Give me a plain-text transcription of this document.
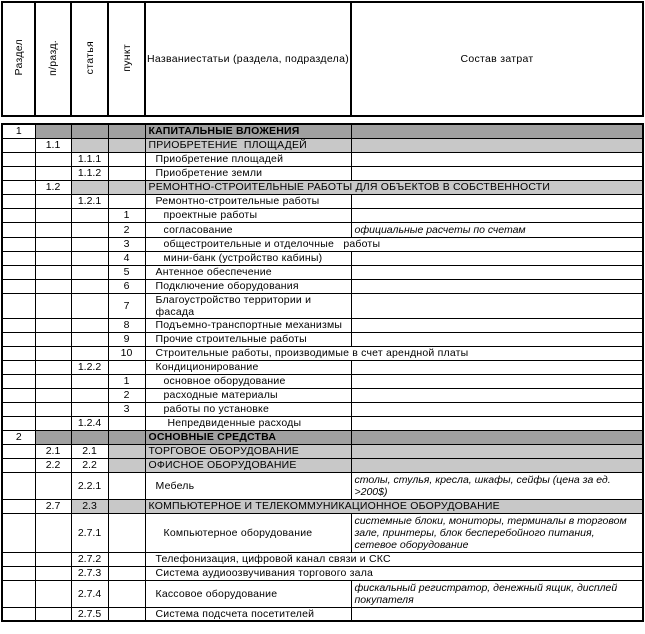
Раздел	п/разд.	статья	пункт	Названиестатьи (раздела, подраздела)	Состав затрат
1				КАПИТАЛЬНЫЕ ВЛОЖЕНИЯ	
	1.1			ПРИОБРЕТЕНИЕ  ПЛОЩАДЕЙ	
		1.1.1		Приобретение площадей	
		1.1.2		Приобретение земли	
	1.2			РЕМОНТНО-СТРОИТЕЛЬНЫЕ РАБОТЫ ДЛЯ ОБЪЕКТОВ В СОБСТВЕННОСТИ	
		1.2.1		Ремонтно-строительные работы	
			1	проектные работы	
			2	согласование	официальные расчеты по счетам
			3	общестроительные и отделочные   работы	
			4	мини-банк (устройство кабины)	
			5	Антенное обеспечение	
			6	Подключение оборудования	
			7	Благоустройство территории и фасада	
			8	Подъемно-транспортные механизмы	
			9	Прочие строительные работы	
			10	Строительные работы, производимые в счет арендной платы	
		1.2.2		Кондиционирование	
			1	основное оборудование	
			2	расходные материалы	
			3	работы по установке	
		1.2.4		Непредвиденные расходы	
2				ОСНОВНЫЕ СРЕДСТВА	
	2.1	2.1		ТОРГОВОЕ ОБОРУДОВАНИЕ	
	2.2	2.2		ОФИСНОЕ ОБОРУДОВАНИЕ	
		2.2.1		Мебель	столы, стулья, кресла, шкафы, сейфы (цена за ед. >200$)
	2.7	2.3		КОМПЬЮТЕРНОЕ И ТЕЛЕКОММУНИКАЦИОННОЕ ОБОРУДОВАНИЕ	
		2.7.1		Компьютерное оборудование	системные блоки, мониторы, терминалы в торговом зале, принтеры, блок бесперебойного питания, сетевое оборудование
		2.7.2		Телефонизация, цифровой канал связи и СКС	
		2.7.3		Система аудиоозвучивания торгового зала	
		2.7.4		Кассовое оборудование	фискальный регистратор, денежный ящик, дисплей покупателя
		2.7.5		Система подсчета посетителей	
